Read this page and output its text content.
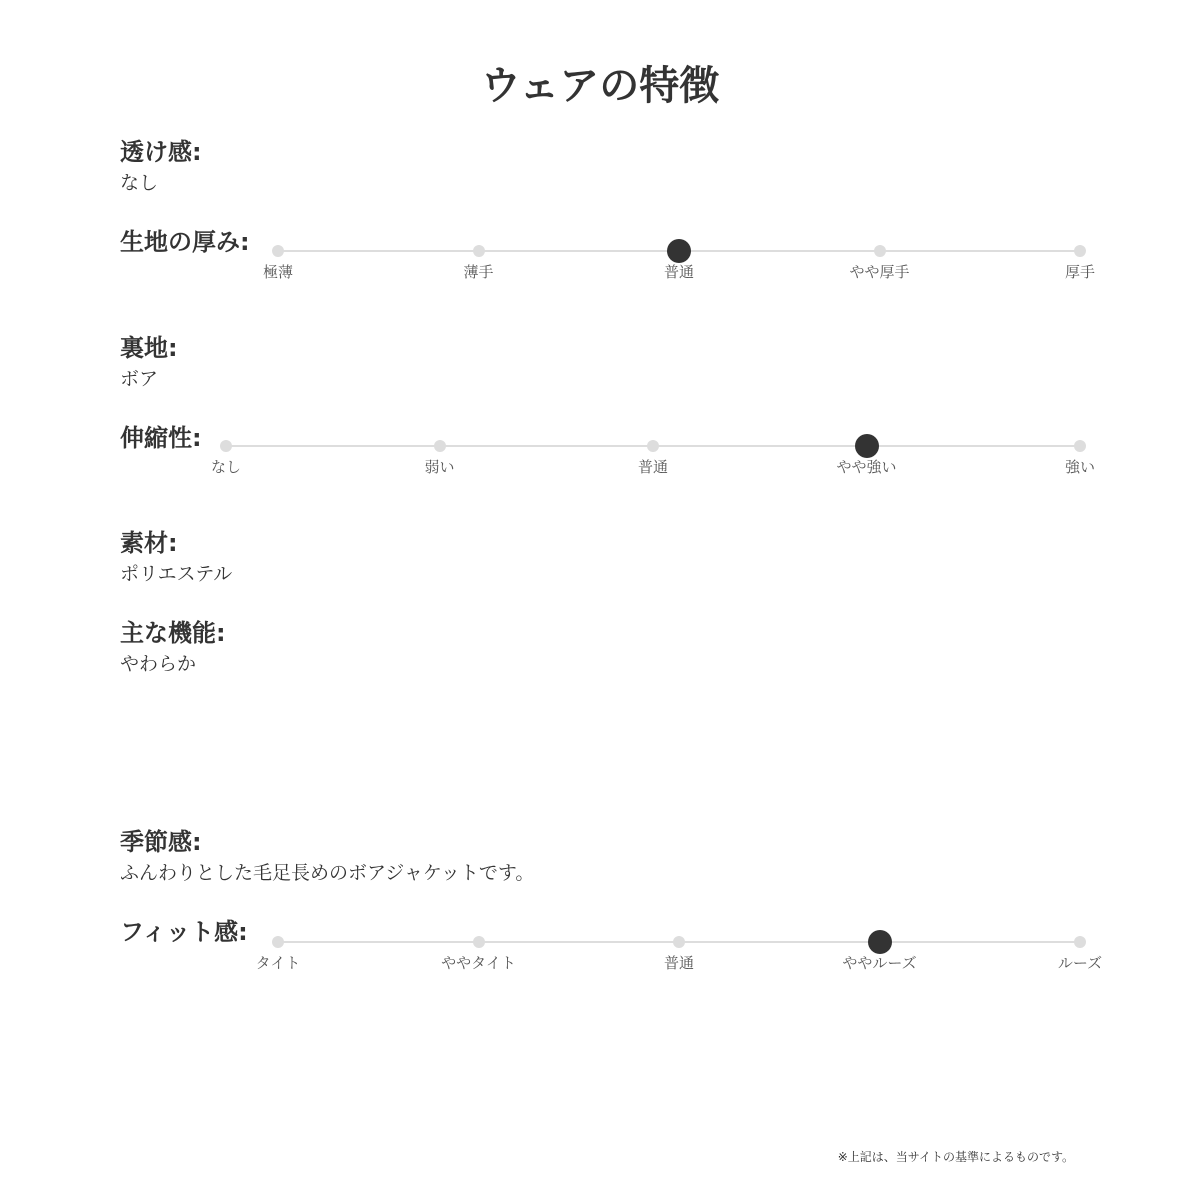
ウェアの特徴
透け感:
なし
生地の厚み:
極薄	薄手	普通	やや厚手	厚手
裏地:
ボア
伸縮性:
なし	弱い	普通	やや強い	強い
素材:
ポリエステル
主な機能:
やわらか
季節感:
ふんわりとした毛足長めのボアジャケットです。
フィット感:
タイト	ややタイト	普通	ややルーズ	ルーズ
※上記は、当サイトの基準によるものです。
